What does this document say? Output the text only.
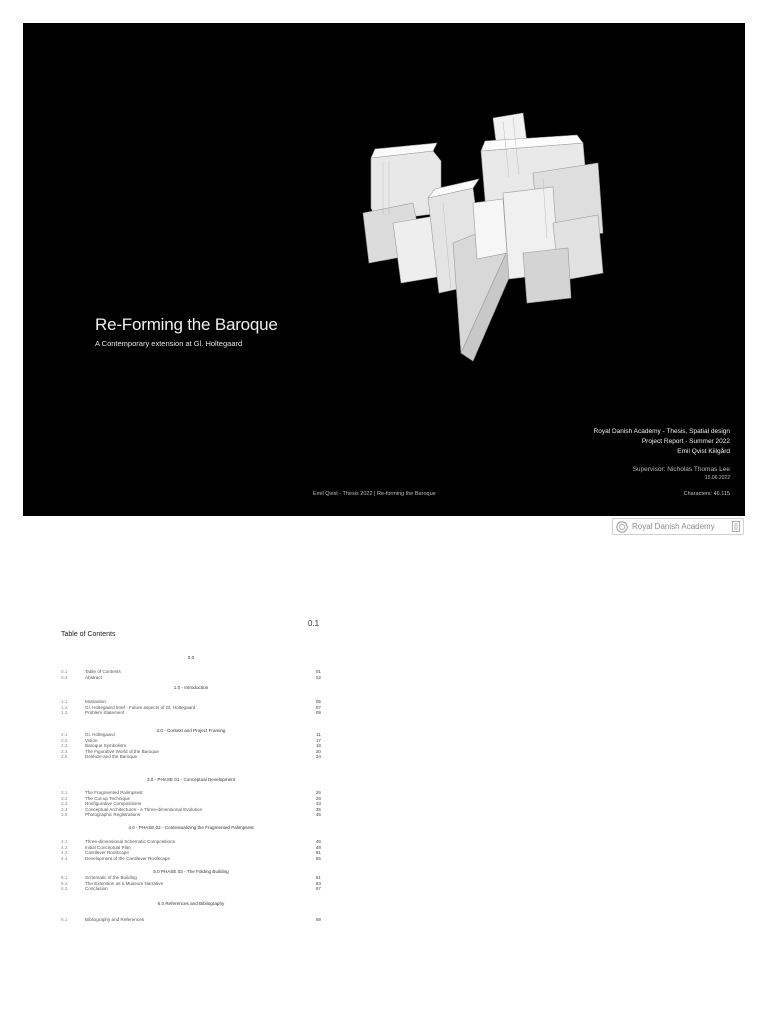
Re-Forming the Baroque
A Contemporary extension at Gl. Holtegaard
Royal Danish Academy - Thesis, Spatial design
Project Report - Summer 2022
Emil Qvist Kiilgård
Supervisor: Nicholas Thomas Lee
15.06.2022
Emil Qvist - Thesis 2022 | Re-forming the Baroque	Characters: 46.115
Royal Danish Academy
0.1
Table of Contents
0.0
0.1	Table of Contents	01
0.2	Abstract	02
1.0 - Introduction
1.1	Motivation	05
1.2	Gl. Holtegaard brief - Future aspects of Gl. Holtegaard	07
1.3	Problem Statement	09
2.0 - Context and Project Framing
2.1	Gl. Holtegaard	11
2.2	Vision	17
2.3	Baroque Symbolism	18
2.4	The Figurative World of the Baroque	20
2.5	Deleuze and the Baroque	24
3.0 - PHASE 01 - Conceptual Development
3.1	The Fragmented Palimpsest	26
3.2	The Cut-up Technique	28
3.3	Nonfigurative Compositions	33
3.4	Conceptual Architectures - a Three-dimensional Evolution	35
3.5	Photographic Registrations	45
4.0 - PHASE 02 - Contextualizing the Fragmented Palimpsest
4.1	Three-dimensional Schematic Compositions	46
4.2	Initial Conceptual Plan	48
4.3	Cantilever Roofscape	51
4.4	Development of the Cantilever Roofscape	55
5.0 PHASE 03 - The Folding Building
5.1	Schematic of the Building	61
5.2	The Extension as a Museum Narrative	63
5.3	Conclusion	67
6.0 References and Bibliography
6.1	Bibliography and References	69
